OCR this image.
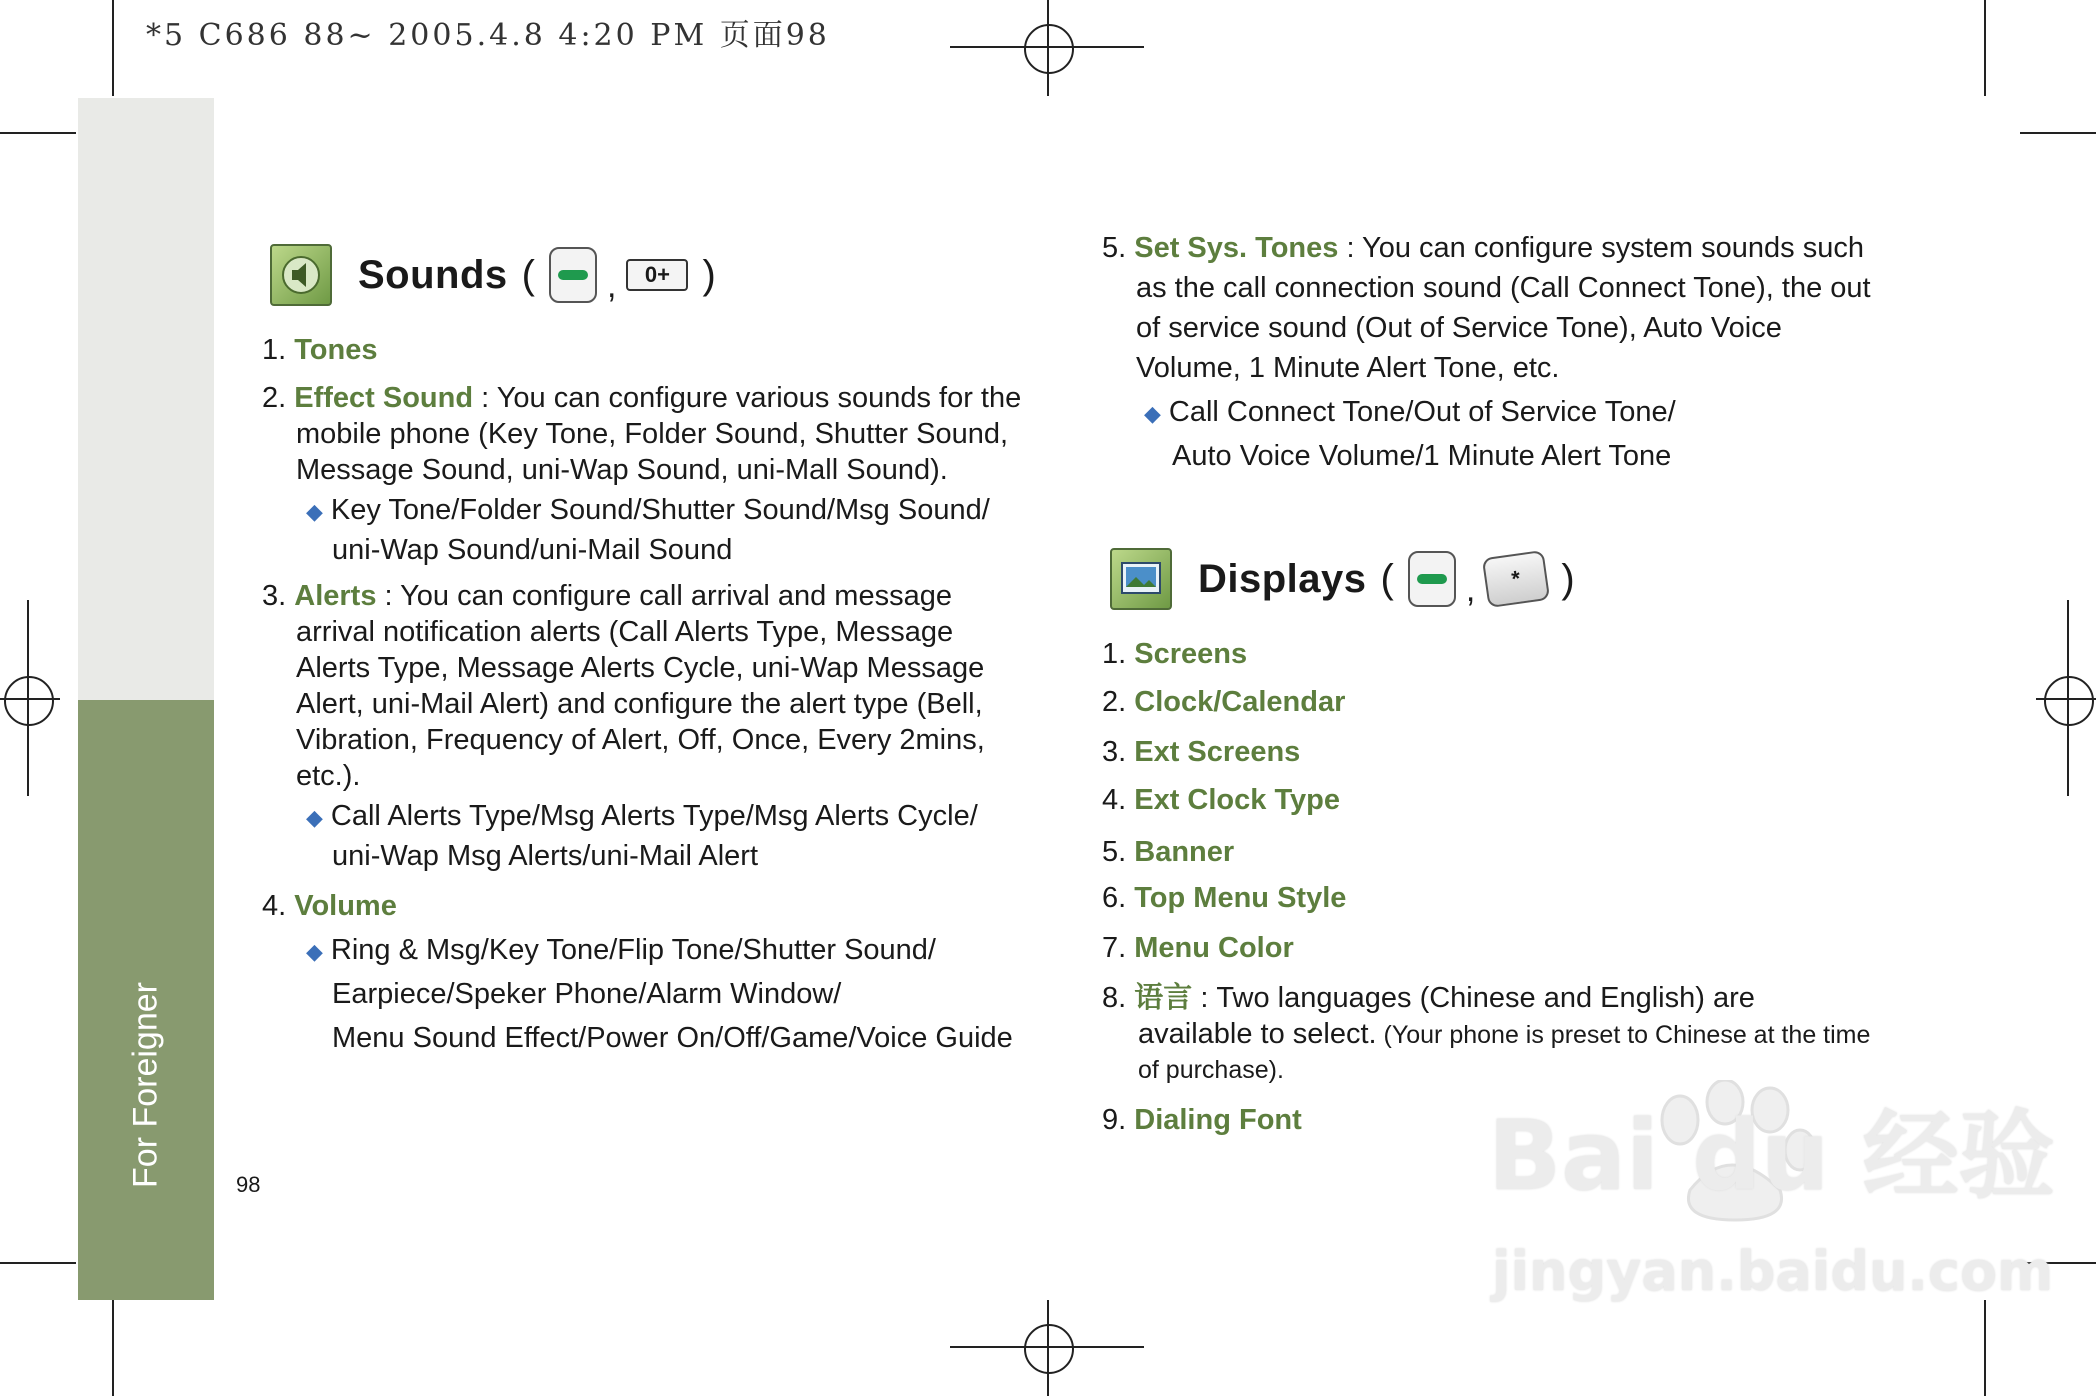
*5 C686 88~ 2005.4.8 4:20 PM 页面98
For Foreigner	98
Sounds ( ,	0+ )
1. Tones
2. Effect Sound : You can configure various sounds for the
mobile phone (Key Tone, Folder Sound, Shutter Sound,
Message Sound, uni-Wap Sound, uni-Mall Sound).
◆ Key Tone/Folder Sound/Shutter Sound/Msg Sound/
uni-Wap Sound/uni-Mail Sound
3. Alerts : You can configure call arrival and message
arrival notification alerts (Call Alerts Type, Message
Alerts Type, Message Alerts Cycle, uni-Wap Message
Alert, uni-Mail Alert) and configure the alert type (Bell,
Vibration, Frequency of Alert, Off, Once, Every 2mins,
etc.).
◆ Call Alerts Type/Msg Alerts Type/Msg Alerts Cycle/
uni-Wap Msg Alerts/uni-Mail Alert
4. Volume
◆ Ring & Msg/Key Tone/Flip Tone/Shutter Sound/
Earpiece/Speker Phone/Alarm Window/
Menu Sound Effect/Power On/Off/Game/Voice Guide
5. Set Sys. Tones : You can configure system sounds such
as the call connection sound (Call Connect Tone), the out
of service sound (Out of Service Tone), Auto Voice
Volume, 1 Minute Alert Tone, etc.
◆ Call Connect Tone/Out of Service Tone/
Auto Voice Volume/1 Minute Alert Tone
Displays ( ,	* )
1. Screens
2. Clock/Calendar
3. Ext Screens
4. Ext Clock Type
5. Banner
6. Top Menu Style
7. Menu Color
8. 语言 : Two languages (Chinese and English) are
available to select. (Your phone is preset to Chinese at the time
of purchase).
9. Dialing Font Bai du 经验
jingyan.baidu.com
